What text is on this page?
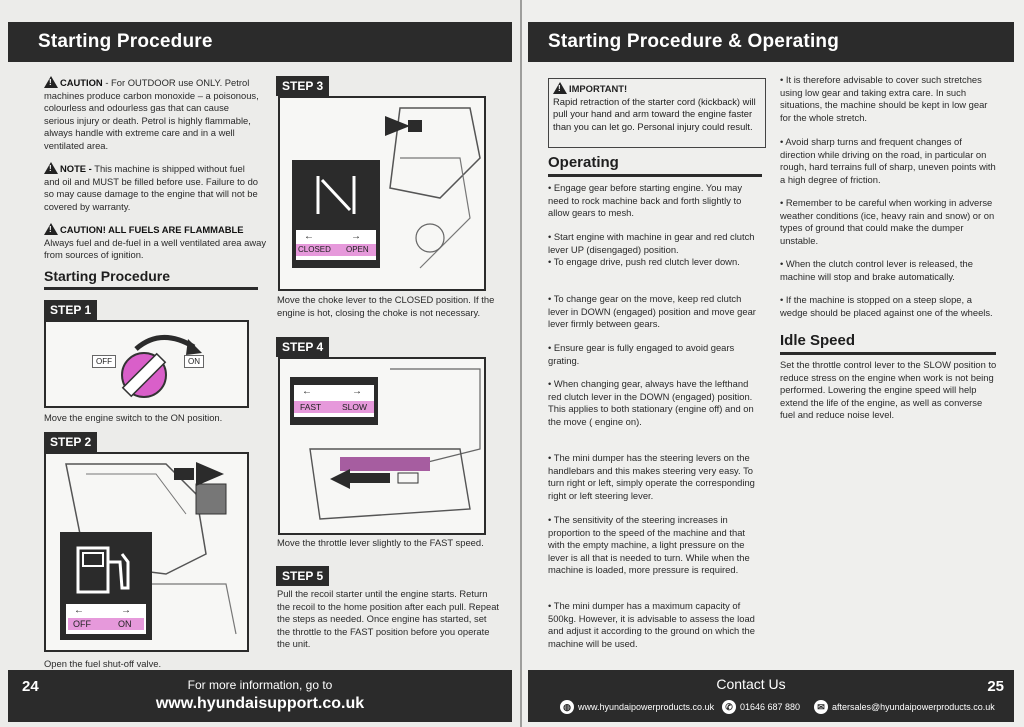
Starting Procedure
!CAUTION - For OUTDOOR use ONLY. Petrol machines produce carbon monoxide – a poisonous, colourless and odourless gas that can cause serious injury or death. Petrol is highly flammable, always handle with extreme care and in a well ventilated area.
!NOTE - This machine is shipped without fuel and oil and MUST be filled before use. Failure to do so may cause damage to the engine that will not be covered by warranty.
!CAUTION! ALL FUELS ARE FLAMMABLE
Always fuel and de-fuel in a well ventilated area away from sources of ignition.
Starting Procedure
STEP 1
OFF	ON
Move the engine switch to the ON position.
STEP 2
←	→
OFF	ON
Open the fuel shut-off valve.
STEP 3
←	→
CLOSED OPEN
Move the choke lever to the CLOSED position. If the engine is hot, closing the choke is not necessary.
STEP 4
←	→
FAST SLOW
Move the throttle lever slightly to the FAST speed.
STEP 5
Pull the recoil starter until the engine starts. Return the recoil to the home position after each pull. Repeat the steps as needed. Once engine has started, set the throttle to the FAST position before you operate the unit.
24	For more information, go to
www.hyundaisupport.co.uk
Starting Procedure & Operating
!IMPORTANT!
Rapid retraction of the starter cord (kickback) will pull your hand and arm toward the engine faster than you can let go. Personal injury could result.
Operating
• Engage gear before starting engine. You may need to rock machine back and forth slightly to allow gears to mesh.
• Start engine with machine in gear and red clutch lever UP (disengaged) position.
• To engage drive, push red clutch lever down.
• To change gear on the move, keep red clutch lever in DOWN (engaged) position and move gear lever firmly between gears.
• Ensure gear is fully engaged to avoid gears grating.
• When changing gear, always have the lefthand red clutch lever in the DOWN (engaged) position. This applies to both stationary (engine off) and on the move ( engine on).
• The mini dumper has the steering levers on the handlebars and this makes steering very easy. To turn right or left, simply operate the corresponding right or left steering lever.
• The sensitivity of the steering increases in proportion to the speed of the machine and that with the empty machine, a light pressure on the lever is all that is needed to turn. While when the machine is loaded, more pressure is required.
• The mini dumper has a maximum capacity of 500kg. However, it is advisable to assess the load and adjust it according to the ground on which the machine will be used.
• It is therefore advisable to cover such stretches using low gear and taking extra care. In such situations, the machine should be kept in low gear for the whole stretch.
• Avoid sharp turns and frequent changes of direction while driving on the road, in particular on rough, hard terrains full of sharp, uneven points with a high degree of friction.
• Remember to be careful when working in adverse weather conditions (ice, heavy rain and snow) or on types of ground that could make the dumper unstable.
• When the clutch control lever is released, the machine will stop and brake automatically.
• If the machine is stopped on a steep slope, a wedge should be placed against one of the wheels.
Idle Speed
Set the throttle control lever to the SLOW position to reduce stress on the engine when work is not being performed. Lowering the engine speed will help extend the life of the engine, as well as converse fuel and reduce noise level.
Contact Us	25
◍ www.hyundaipowerproducts.co.uk	✆ 01646 687 880	✉ aftersales@hyundaipowerproducts.co.uk
